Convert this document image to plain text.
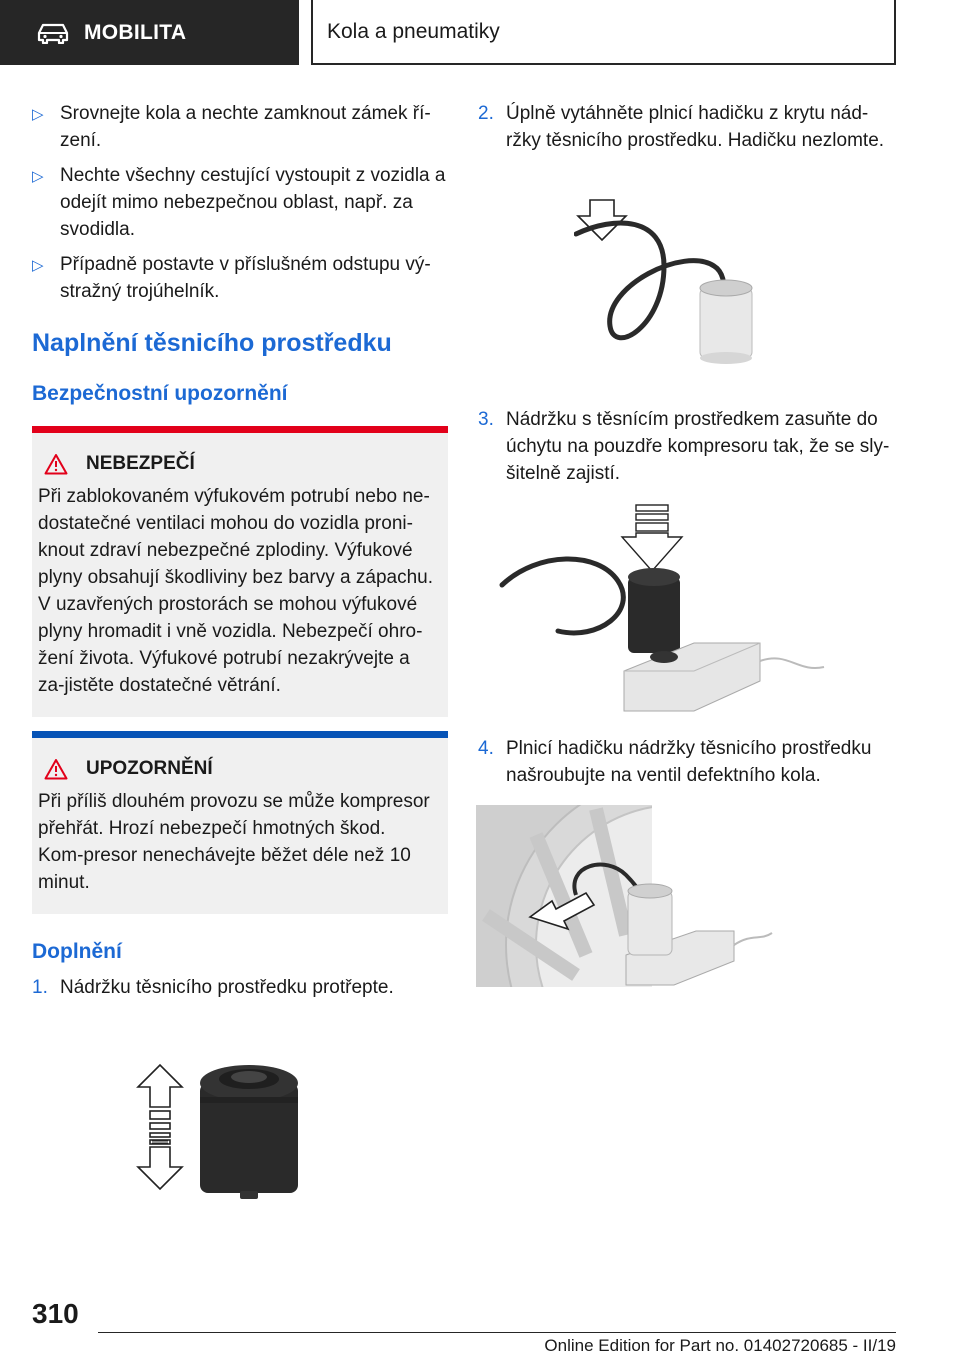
MOBILITA	Kola a pneumatiky
▷ Srovnejte kola a nechte zamknout zámek ří-zení.
▷ Nechte všechny cestující vystoupit z vozidla a odejít mimo nebezpečnou oblast, např. za svodidla.
▷ Případně postavte v příslušném odstupu vý-stražný trojúhelník.
Naplnění těsnicího prostředku
Bezpečnostní upozornění
NEBEZPEČÍ
Při zablokovaném výfukovém potrubí nebo ne-dostatečné ventilaci mohou do vozidla proni-knout zdraví nebezpečné zplodiny. Výfukové plyny obsahují škodliviny bez barvy a zápachu. V uzavřených prostorách se mohou výfukové plyny hromadit i vně vozidla. Nebezpečí ohro-žení života. Výfukové potrubí nezakrývejte a za-jistěte dostatečné větrání.
UPOZORNĚNÍ
Při příliš dlouhém provozu se může kompresor přehřát. Hrozí nebezpečí hmotných škod. Kom-presor nenechávejte běžet déle než 10 minut.
Doplnění
1. Nádržku těsnicího prostředku protřepte.
2. Úplně vytáhněte plnicí hadičku z krytu nád-ržky těsnicího prostředku. Hadičku nezlomte.
3. Nádržku s těsnícím prostředkem zasuňte do úchytu na pouzdře kompresoru tak, že se sly-šitelně zajistí.
4. Plnicí hadičku nádržky těsnicího prostředku našroubujte na ventil defektního kola.
310
Online Edition for Part no. 01402720685 - II/19
